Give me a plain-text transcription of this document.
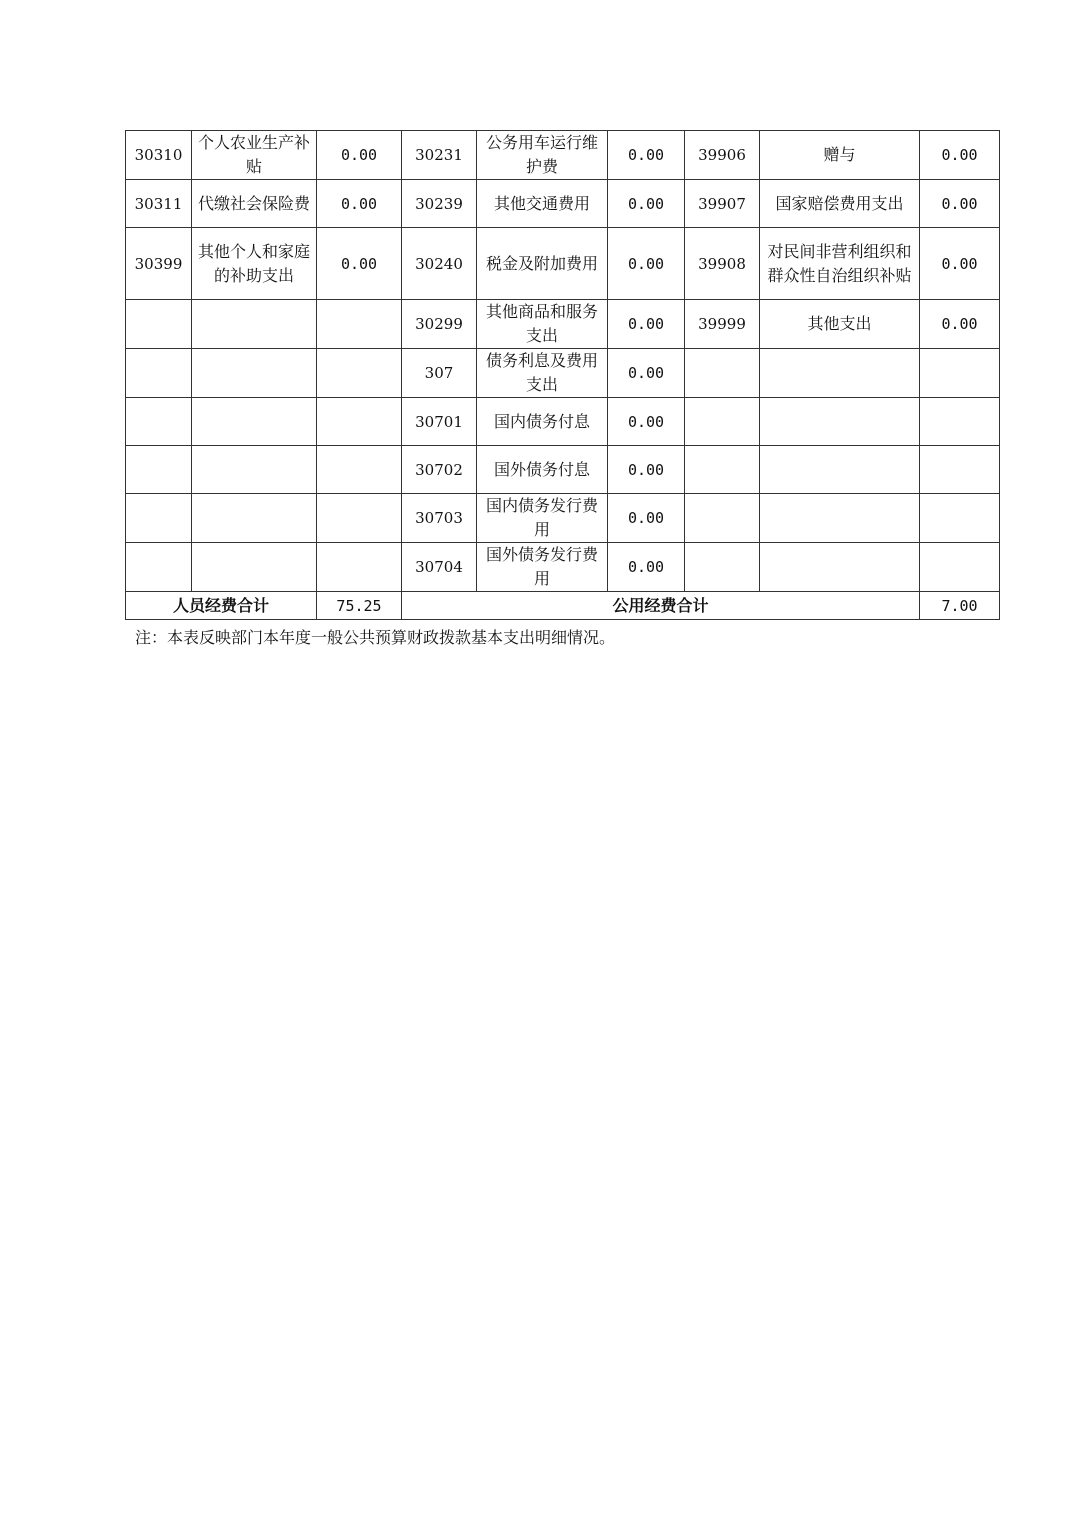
30310	个人农业生产补贴	0.00	30231	公务用车运行维护费	0.00	39906	赠与	0.00
30311	代缴社会保险费	0.00	30239	其他交通费用	0.00	39907	国家赔偿费用支出	0.00
30399	其他个人和家庭的补助支出	0.00	30240	税金及附加费用	0.00	39908	对民间非营利组织和群众性自治组织补贴	0.00
			30299	其他商品和服务支出	0.00	39999	其他支出	0.00
			307	债务利息及费用支出	0.00			
			30701	国内债务付息	0.00			
			30702	国外债务付息	0.00			
			30703	国内债务发行费用	0.00			
			30704	国外债务发行费用	0.00			
人员经费合计		75.25	公用经费合计					7.00
注：本表反映部门本年度一般公共预算财政拨款基本支出明细情况。
